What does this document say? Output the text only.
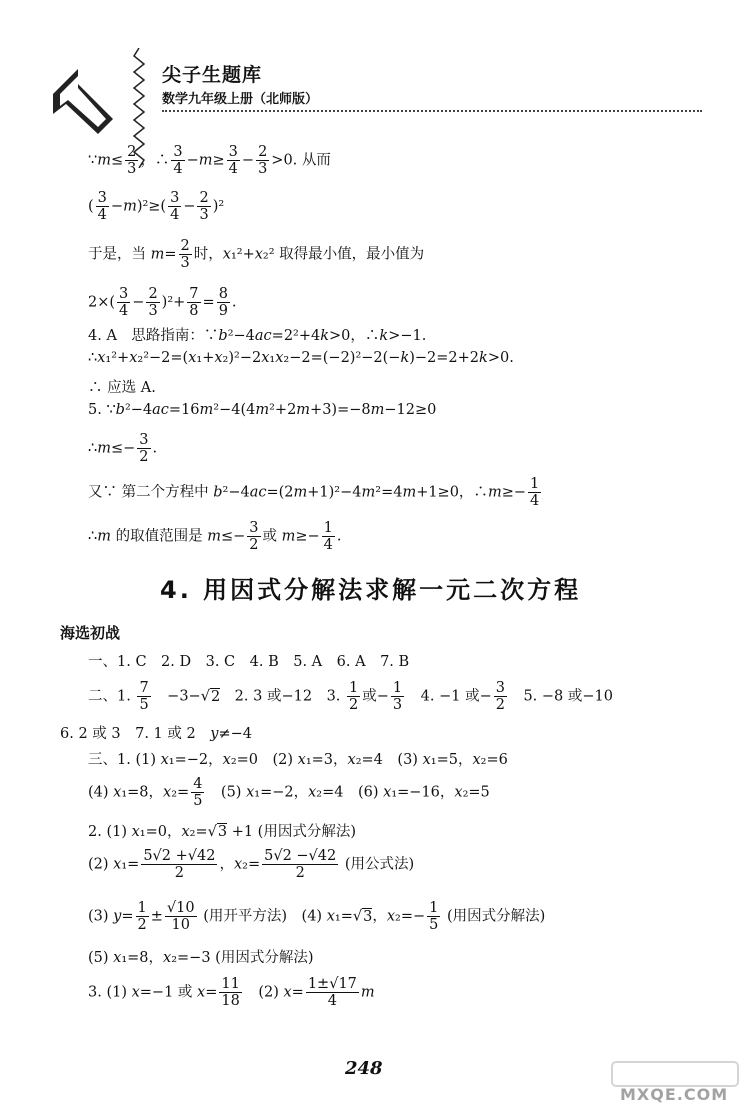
尖子生题库
数学九年级上册（北师版）
∵m≤ $\frac{2}{3}$ ，∴ $\frac{3}{4} -m\ge \frac{3}{4} - \frac{2}{3} >0$. 从而
( $\frac{3}{4} -m)^2\ge( \frac{3}{4} - \frac{2}{3} )^2$
于是，当 $m= \frac{2}{3}$ 时，x₁²+x₂² 取得最小值，最小值为
$2\times( \frac{3}{4} - \frac{2}{3} )^2+ \frac{7}{8} = \frac{8}{9}$ .
4. A　思路指南：∵b²−4ac=2²+4k>0，∴k>−1.
∴x₁²+x₂²−2=(x₁+x₂)²−2x₁x₂−2=(−2)²−2(−k)−2=2+2k>0.
∴ 应选 A.
5. ∵b²−4ac=16m²−4(4m²+2m+3)=−8m−12≥0
∴m≤− $\frac{3}{2}$ .
又∵ 第二个方程中 b²−4ac=(2m+1)²−4m²=4m+1≥0，∴m≥− $\frac{1}{4}$
∴m 的取值范围是 $m\le- \frac{3}{2}$ 或 $m\ge- \frac{1}{4}$ .
4. 用因式分解法求解一元二次方程
海选初战
一、1. C　2. D　3. C　4. B　5. A　6. A　7. B
二、1. $\frac{7}{5}$ 　−3−√2　2. 3 或−12　3. $\frac{1}{2}$ 或− $\frac{1}{3}$ 　4. −1 或− $\frac{3}{2}$ 　5. −8 或−10
6. 2 或 3　7. 1 或 2　y≠−4
三、1. (1) x₁=−2，x₂=0　(2) x₁=3，x₂=4　(3) x₁=5，x₂=6
(4) x₁=8，$x_2= \frac{4}{5}$ 　(5) x₁=−2，x₂=4　(6) x₁=−16，x₂=5
2. (1) x₁=0，x₂=√3 +1 (用因式分解法)
(2) $x_1= \frac{5√2 +√42}{2}$ ，$x_2= \frac{5√2 -√42}{2}$ (用公式法)
(3) $y= \frac{1}{2} \pm \frac{√10}{10}$ (用开平方法)　(4) x₁=√3，$x_2=- \frac{1}{5}$ (用因式分解法)
(5) x₁=8，x₂=−3 (用因式分解法)
3. (1) x=−1 或 $x= \frac{11}{18}$ 　(2) $x= \frac{1\pm√17}{4}$ m
248
MXQE.COM
